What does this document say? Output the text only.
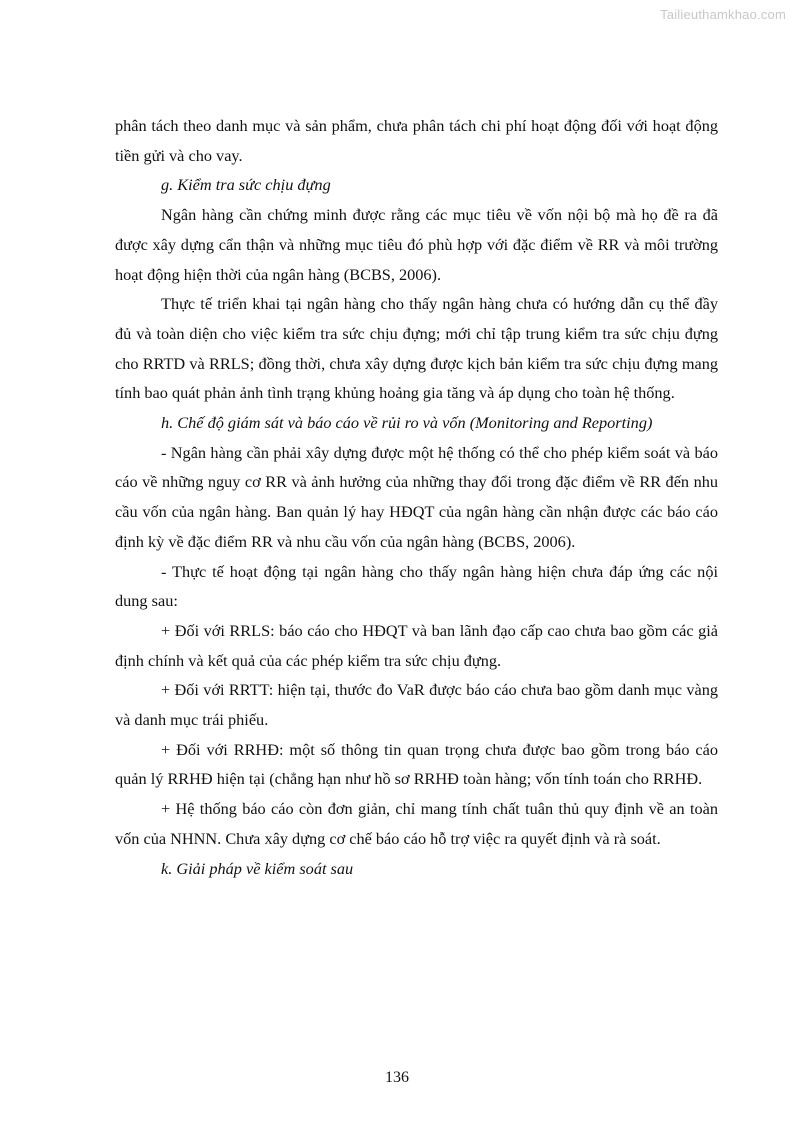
Tailieuthamkhao.com

phân tách theo danh mục và sản phẩm, chưa phân tách chi phí hoạt động đối với hoạt động tiền gửi và cho vay.

g. Kiểm tra sức chịu đựng

Ngân hàng cần chứng minh được rằng các mục tiêu về vốn nội bộ mà họ đề ra đã được xây dựng cẩn thận và những mục tiêu đó phù hợp với đặc điểm về RR và môi trường hoạt động hiện thời của ngân hàng (BCBS, 2006).

Thực tế triển khai tại ngân hàng cho thấy ngân hàng chưa có hướng dẫn cụ thể đầy đủ và toàn diện cho việc kiểm tra sức chịu đựng; mới chỉ tập trung kiểm tra sức chịu đựng cho RRTD và RRLS; đồng thời, chưa xây dựng được kịch bản kiểm tra sức chịu đựng mang tính bao quát phản ảnh tình trạng khủng hoảng gia tăng và áp dụng cho toàn hệ thống.

h. Chế độ giám sát và báo cáo về rủi ro và vốn (Monitoring and Reporting)

- Ngân hàng cần phải xây dựng được một hệ thống có thể cho phép kiểm soát và báo cáo về những nguy cơ RR và ảnh hưởng của những thay đổi trong đặc điểm về RR đến nhu cầu vốn của ngân hàng. Ban quản lý hay HĐQT của ngân hàng cần nhận được các báo cáo định kỳ về đặc điểm RR và nhu cầu vốn của ngân hàng (BCBS, 2006).

- Thực tế hoạt động tại ngân hàng cho thấy ngân hàng hiện chưa đáp ứng các nội dung sau:

+ Đối với RRLS: báo cáo cho HĐQT và ban lãnh đạo cấp cao chưa bao gồm các giả định chính và kết quả của các phép kiểm tra sức chịu đựng.

+ Đối với RRTT: hiện tại, thước đo VaR được báo cáo chưa bao gồm danh mục vàng và danh mục trái phiếu.

+ Đối với RRHĐ: một số thông tin quan trọng chưa được bao gồm trong báo cáo quản lý RRHĐ hiện tại (chẳng hạn như hồ sơ RRHĐ toàn hàng; vốn tính toán cho RRHĐ.

+ Hệ thống báo cáo còn đơn giản, chỉ mang tính chất tuân thủ quy định về an toàn vốn của NHNN. Chưa xây dựng cơ chế báo cáo hỗ trợ việc ra quyết định và rà soát.

k. Giải pháp về kiểm soát sau

136
